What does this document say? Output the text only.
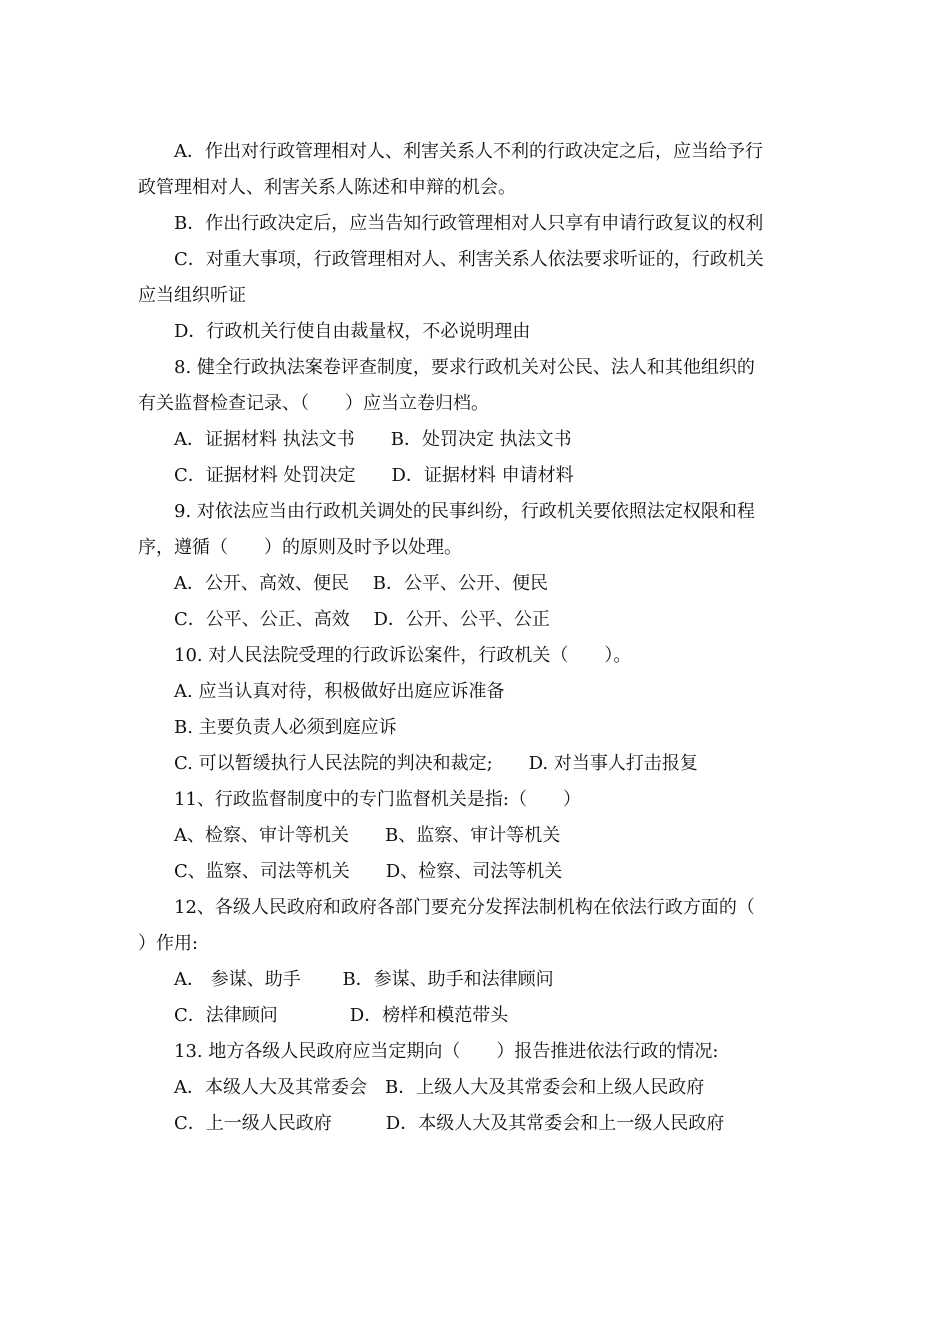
A．作出对行政管理相对人、利害关系人不利的行政决定之后，应当给予行
政管理相对人、利害关系人陈述和申辩的机会。
B．作出行政决定后，应当告知行政管理相对人只享有申请行政复议的权利
C．对重大事项，行政管理相对人、利害关系人依法要求听证的，行政机关
应当组织听证
D．行政机关行使自由裁量权，不必说明理由
8. 健全行政执法案卷评查制度，要求行政机关对公民、法人和其他组织的
有关监督检查记录、（　　）应当立卷归档。
A．证据材料 执法文书　　B．处罚决定 执法文书
C．证据材料 处罚决定　　D．证据材料 申请材料
9. 对依法应当由行政机关调处的民事纠纷，行政机关要依照法定权限和程
序，遵循（　　）的原则及时予以处理。
A．公开、高效、便民　 B．公平、公开、便民
C．公平、公正、高效　 D．公开、公平、公正
10. 对人民法院受理的行政诉讼案件，行政机关（　　）。
A. 应当认真对待，积极做好出庭应诉准备
B. 主要负责人必须到庭应诉
C. 可以暂缓执行人民法院的判决和裁定;　　D. 对当事人打击报复
11、行政监督制度中的专门监督机关是指:（　　）
A、检察、审计等机关　　B、监察、审计等机关
C、监察、司法等机关　　D、检察、司法等机关
12、各级人民政府和政府各部门要充分发挥法制机构在依法行政方面的（
）作用:
A． 参谋、助手　　 B．参谋、助手和法律顾问
C．法律顾问　　　　D．榜样和模范带头
13. 地方各级人民政府应当定期向（　　）报告推进依法行政的情况:
A．本级人大及其常委会　B．上级人大及其常委会和上级人民政府
C．上一级人民政府　　　D．本级人大及其常委会和上一级人民政府
